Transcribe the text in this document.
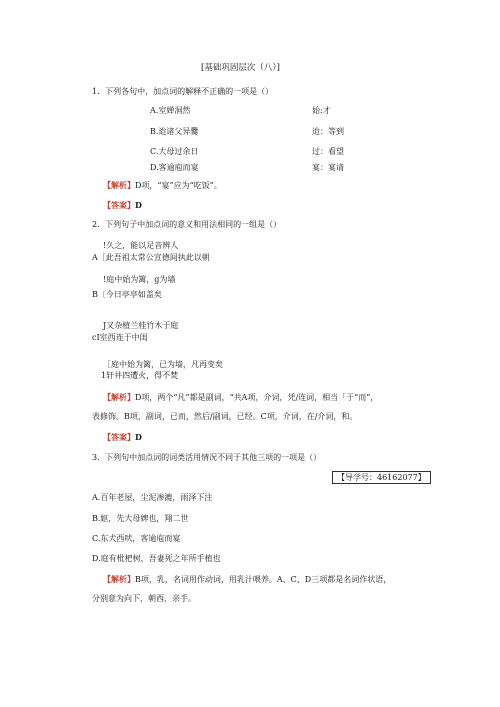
[基础巩固层次（八）]
1．下列各句中，加点词的解释不正确的一项是（）
A.室婵洞然	始:才
B.迨诸父异爨	迨：等到
C.大母过余日	过：看望
D.客逾庖而宴	宴：宴请
【解析】D项，“宴”应为“吃饭”。
【答案】D
2．下列句子中加点词的意义和用法相同的一组是（）
!久之，能以足音辨人
A［此吾祖太常公宣德间执此以朝
!庭中始为篱，g为墙
B〔今日亭亭如盖矣
J又杂植兰桂竹木于庭
cI室西连于中闺
［庭中始为篱，已为墙，凡再变矣
1轩井四遭火，得不焚
【解析】D项，两个“凡”都是副词，“共A项，介词，凭/连词，相当「于“而”，
表修饰。B项，副词，已而，然后/副词，已经。C项，介词，在/介词，和。
【答案】D
3．下列句中加点词的词类活用情况不同于其他三项的一项是（）
【导学号：46162077】
A.百年老屋，尘泥渗漉，雨泽下注
B.妪，先大母婢也，翔二世
C.东犬西吠，客逾庖而宴
D.庭有枇杷树，吾妻死之年所手植也
【解析】B项，乳，名词用作动词，用乳汁喂养。A、C、D三项都是名词作状语，
分别意为向下，朝西，亲手。
